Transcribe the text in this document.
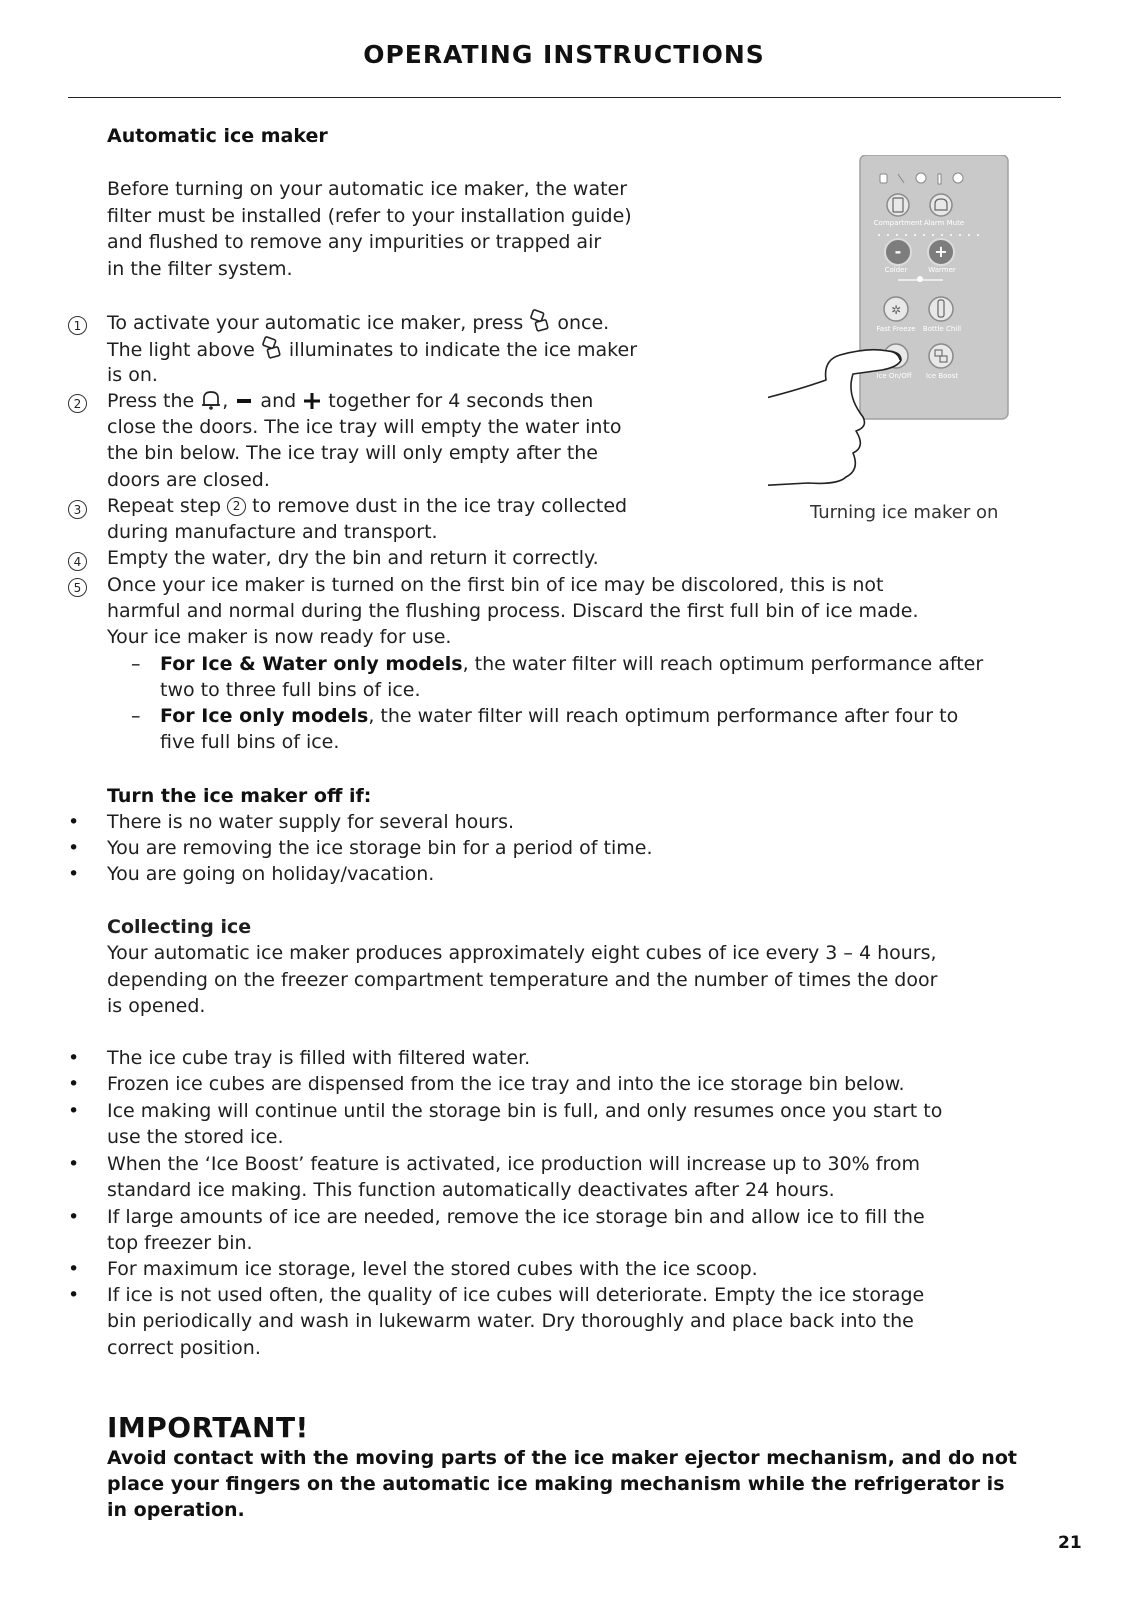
OPERATING INSTRUCTIONS
Automatic ice maker
Before turning on your automatic ice maker, the water
filter must be installed (refer to your installation guide)
and flushed to remove any impurities or trapped air
in the filter system.
1 To activate your automatic ice maker, press once.
The light above illuminates to indicate the ice maker
is on.
2 Press the , and together for 4 seconds then
close the doors. The ice tray will empty the water into
the bin below. The ice tray will only empty after the
doors are closed.
3 Repeat step 2 to remove dust in the ice tray collected
during manufacture and transport.
4 Empty the water, dry the bin and return it correctly.
5 Once your ice maker is turned on the first bin of ice may be discolored, this is not
harmful and normal during the flushing process. Discard the first full bin of ice made.
Your ice maker is now ready for use.
– For Ice & Water only models, the water filter will reach optimum performance after
two to three full bins of ice.
– For Ice only models, the water filter will reach optimum performance after four to
five full bins of ice.
Compartment Alarm Mute
- +
Colder	Warmer
✲
Fast Freeze Bottle Chill
Ice On/Off Ice Boost
Turning ice maker on
Turn the ice maker off if:
• There is no water supply for several hours.
• You are removing the ice storage bin for a period of time.
• You are going on holiday/vacation.
Collecting ice
Your automatic ice maker produces approximately eight cubes of ice every 3 – 4 hours,
depending on the freezer compartment temperature and the number of times the door
is opened.
• The ice cube tray is filled with filtered water.
• Frozen ice cubes are dispensed from the ice tray and into the ice storage bin below.
• Ice making will continue until the storage bin is full, and only resumes once you start to
use the stored ice.
• When the ‘Ice Boost’ feature is activated, ice production will increase up to 30% from
standard ice making. This function automatically deactivates after 24 hours.
• If large amounts of ice are needed, remove the ice storage bin and allow ice to fill the
top freezer bin.
• For maximum ice storage, level the stored cubes with the ice scoop.
• If ice is not used often, the quality of ice cubes will deteriorate. Empty the ice storage
bin periodically and wash in lukewarm water. Dry thoroughly and place back into the
correct position.
IMPORTANT!
Avoid contact with the moving parts of the ice maker ejector mechanism, and do not
place your fingers on the automatic ice making mechanism while the refrigerator is
in operation.
21
